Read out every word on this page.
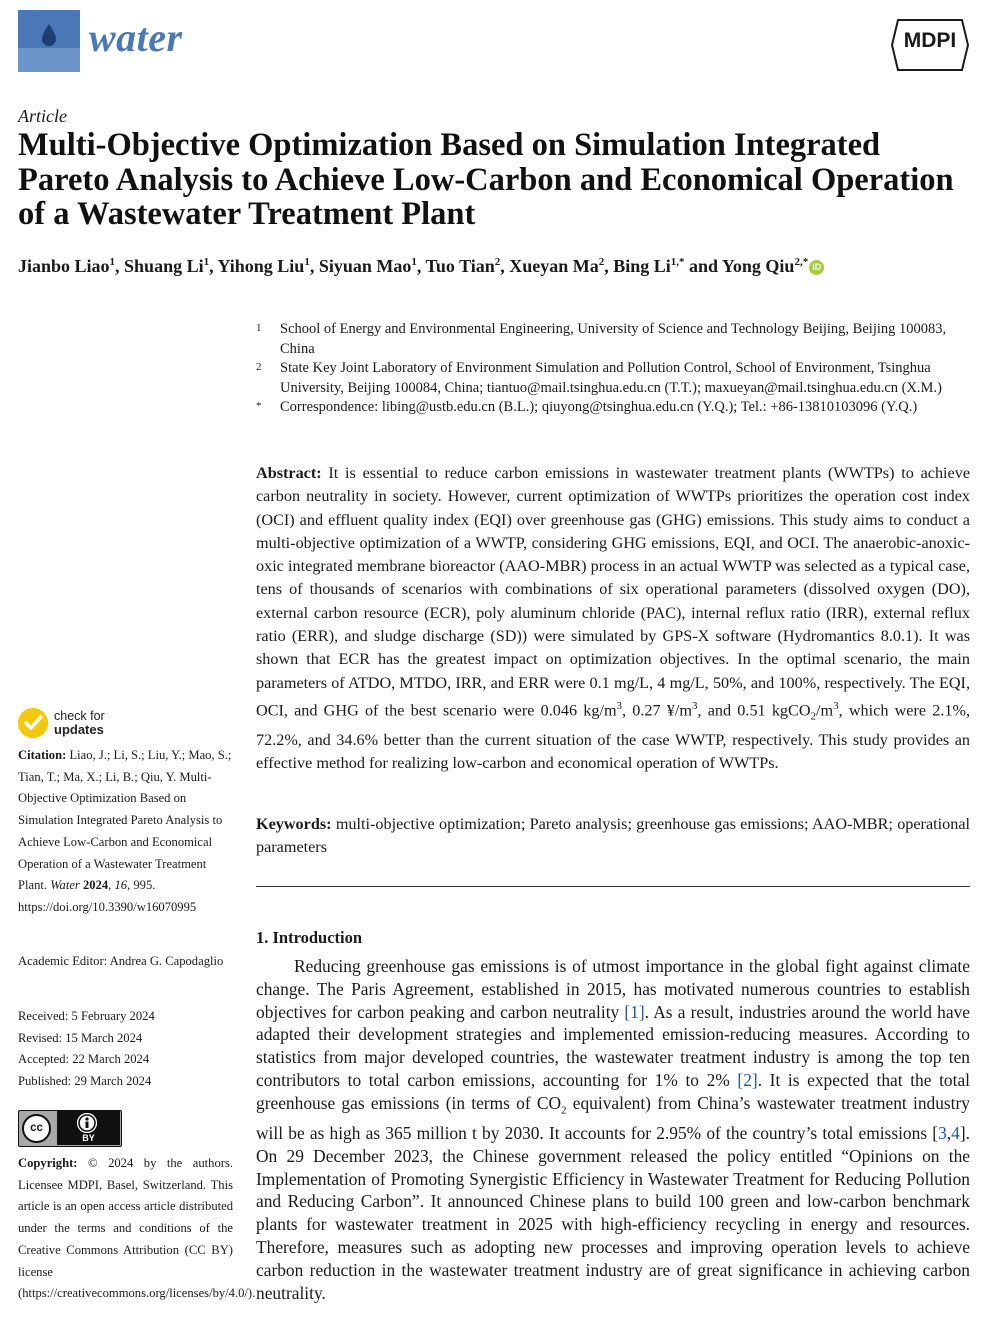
water	MDPI
Article
Multi-Objective Optimization Based on Simulation Integrated Pareto Analysis to Achieve Low-Carbon and Economical Operation of a Wastewater Treatment Plant
Jianbo Liao$^1$, Shuang Li$^1$, Yihong Liu$^1$, Siyuan Mao$^1$, Tuo Tian$^2$, Xueyan Ma$^2$, Bing $Li^{1,*}$ and Yong Qiu$^{2,*}$ iD
1	School of Energy and Environmental Engineering, University of Science and Technology Beijing, Beijing 100083, China
2	State Key Joint Laboratory of Environment Simulation and Pollution Control, School of Environment, Tsinghua University, Beijing 100084, China; tiantuo@mail.tsinghua.edu.cn (T.T.); maxueyan@mail.tsinghua.edu.cn (X.M.)
*	Correspondence: libing@ustb.edu.cn (B.L.); qiuyong@tsinghua.edu.cn (Y.Q.); Tel.: +86-13810103096 (Y.Q.)
Abstract: It is essential to reduce carbon emissions in wastewater treatment plants (WWTPs) to achieve carbon neutrality in society. However, current optimization of WWTPs prioritizes the operation cost index (OCI) and effluent quality index (EQI) over greenhouse gas (GHG) emissions. This study aims to conduct a multi-objective optimization of a WWTP, considering GHG emissions, EQI, and OCI. The anaerobic-anoxic-oxic integrated membrane bioreactor (AAO-MBR) process in an actual WWTP was selected as a typical case, tens of thousands of scenarios with combinations of six operational parameters (dissolved oxygen (DO), external carbon resource (ECR), poly aluminum chloride (PAC), internal reflux ratio (IRR), external reflux ratio (ERR), and sludge discharge (SD)) were simulated by GPS-X software (Hydromantics 8.0.1). It was shown that ECR has the greatest impact on optimization objectives. In the optimal scenario, the main parameters of ATDO, MTDO, IRR, and ERR were 0.1 mg/L, 4 mg/L, 50%, and 100%, respectively. The EQI, OCI, and GHG of the best scenario were 0.046 $kg/m^3$, 0.27 $¥/m^3$, and 0.51 $kgCO_2/m^3$, which were 2.1%, 72.2%, and 34.6% better than the current situation of the case WWTP, respectively. This study provides an effective method for realizing low-carbon and economical operation of WWTPs.
Keywords: multi-objective optimization; Pareto analysis; greenhouse gas emissions; AAO-MBR; operational parameters
1. Introduction
Reducing greenhouse gas emissions is of utmost importance in the global fight against climate change. The Paris Agreement, established in 2015, has motivated numerous countries to establish objectives for carbon peaking and carbon neutrality [1]. As a result, industries around the world have adapted their development strategies and implemented emission-reducing measures. According to statistics from major developed countries, the wastewater treatment industry is among the top ten contributors to total carbon emissions, accounting for 1% to 2% [2]. It is expected that the total greenhouse gas emissions (in terms of $CO_2$ equivalent) from China’s wastewater treatment industry will be as high as 365 million t by 2030. It accounts for 2.95% of the country’s total emissions [3,4]. On 29 December 2023, the Chinese government released the policy entitled “Opinions on the Implementation of Promoting Synergistic Efficiency in Wastewater Treatment for Reducing Pollution and Reducing Carbon”. It announced Chinese plans to build 100 green and low-carbon benchmark plants for wastewater treatment in 2025 with high-efficiency recycling in energy and resources. Therefore, measures such as adopting new processes and improving operation levels to achieve carbon reduction in the wastewater treatment industry are of great significance in achieving carbon neutrality.
check for
updates
Citation: Liao, J.; Li, S.; Liu, Y.; Mao, S.; Tian, T.; Ma, X.; Li, B.; Qiu, Y. Multi-Objective Optimization Based on Simulation Integrated Pareto Analysis to Achieve Low-Carbon and Economical Operation of a Wastewater Treatment Plant. Water 2024, 16, 995. https://doi.org/10.3390/w16070995
Academic Editor: Andrea G. Capodaglio
Received: 5 February 2024
Revised: 15 March 2024
Accepted: 22 March 2024
Published: 29 March 2024
cc
BY
Copyright: © 2024 by the authors. Licensee MDPI, Basel, Switzerland. This article is an open access article distributed under the terms and conditions of the Creative Commons Attribution (CC BY) license (https://creativecommons.org/licenses/by/4.0/).
